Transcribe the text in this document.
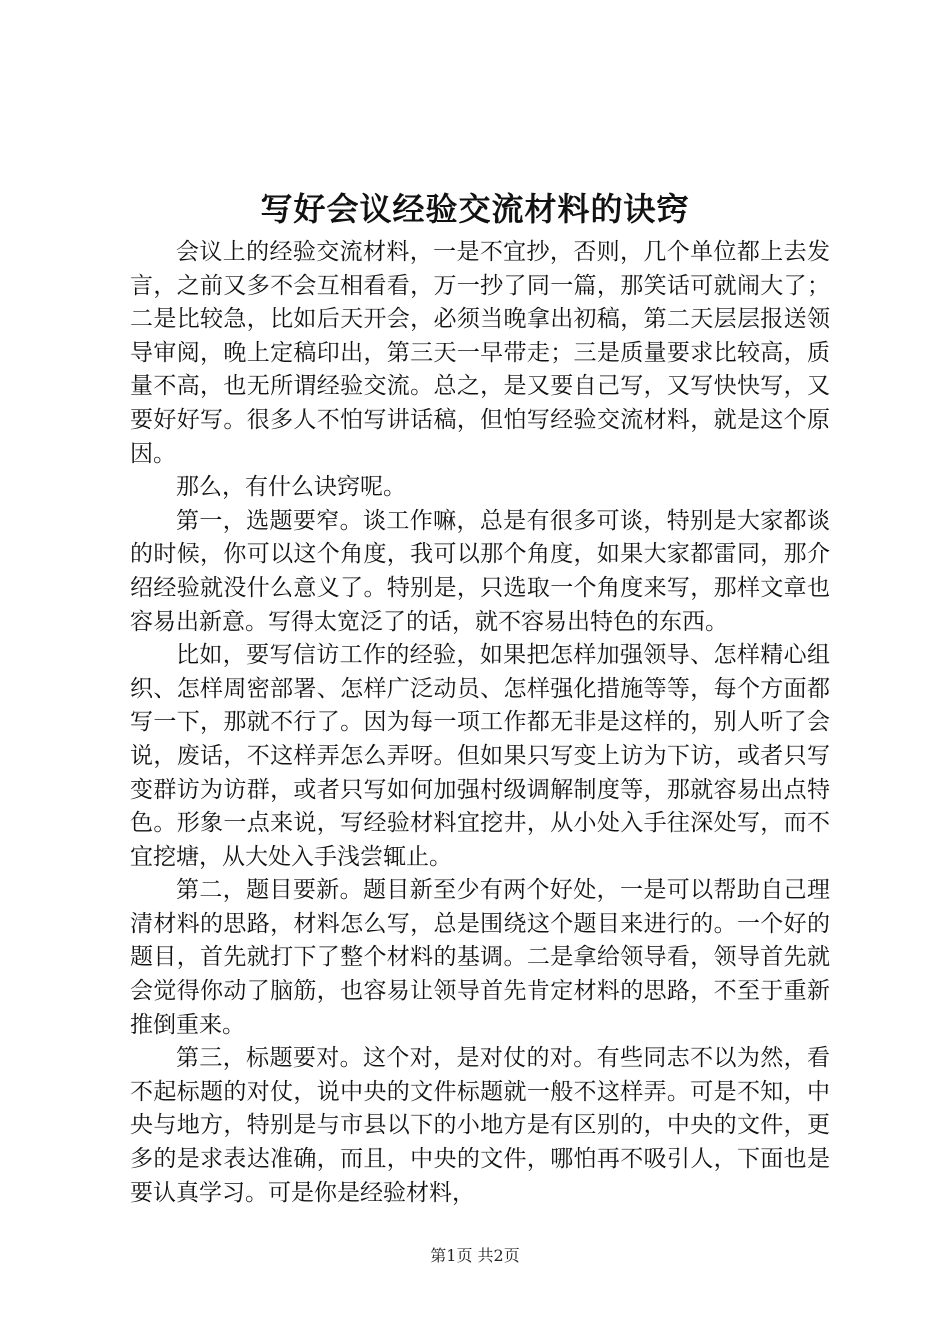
写好会议经验交流材料的诀窍

会议上的经验交流材料，一是不宜抄，否则，几个单位都上去发言，之前又多不会互相看看，万一抄了同一篇，那笑话可就闹大了；二是比较急，比如后天开会，必须当晚拿出初稿，第二天层层报送领导审阅，晚上定稿印出，第三天一早带走；三是质量要求比较高，质量不高，也无所谓经验交流。总之，是又要自己写，又写快快写，又要好好写。很多人不怕写讲话稿，但怕写经验交流材料，就是这个原因。

那么，有什么诀窍呢。

第一，选题要窄。谈工作嘛，总是有很多可谈，特别是大家都谈的时候，你可以这个角度，我可以那个角度，如果大家都雷同，那介绍经验就没什么意义了。特别是，只选取一个角度来写，那样文章也容易出新意。写得太宽泛了的话，就不容易出特色的东西。

比如，要写信访工作的经验，如果把怎样加强领导、怎样精心组织、怎样周密部署、怎样广泛动员、怎样强化措施等等，每个方面都写一下，那就不行了。因为每一项工作都无非是这样的，别人听了会说，废话，不这样弄怎么弄呀。但如果只写变上访为下访，或者只写变群访为访群，或者只写如何加强村级调解制度等，那就容易出点特色。形象一点来说，写经验材料宜挖井，从小处入手往深处写，而不宜挖塘，从大处入手浅尝辄止。

第二，题目要新。题目新至少有两个好处，一是可以帮助自己理清材料的思路，材料怎么写，总是围绕这个题目来进行的。一个好的题目，首先就打下了整个材料的基调。二是拿给领导看，领导首先就会觉得你动了脑筋，也容易让领导首先肯定材料的思路，不至于重新推倒重来。

第三，标题要对。这个对，是对仗的对。有些同志不以为然，看不起标题的对仗，说中央的文件标题就一般不这样弄。可是不知，中央与地方，特别是与市县以下的小地方是有区别的，中央的文件，更多的是求表达准确，而且，中央的文件，哪怕再不吸引人，下面也是要认真学习。可是你是经验材料，

第1页 共2页
